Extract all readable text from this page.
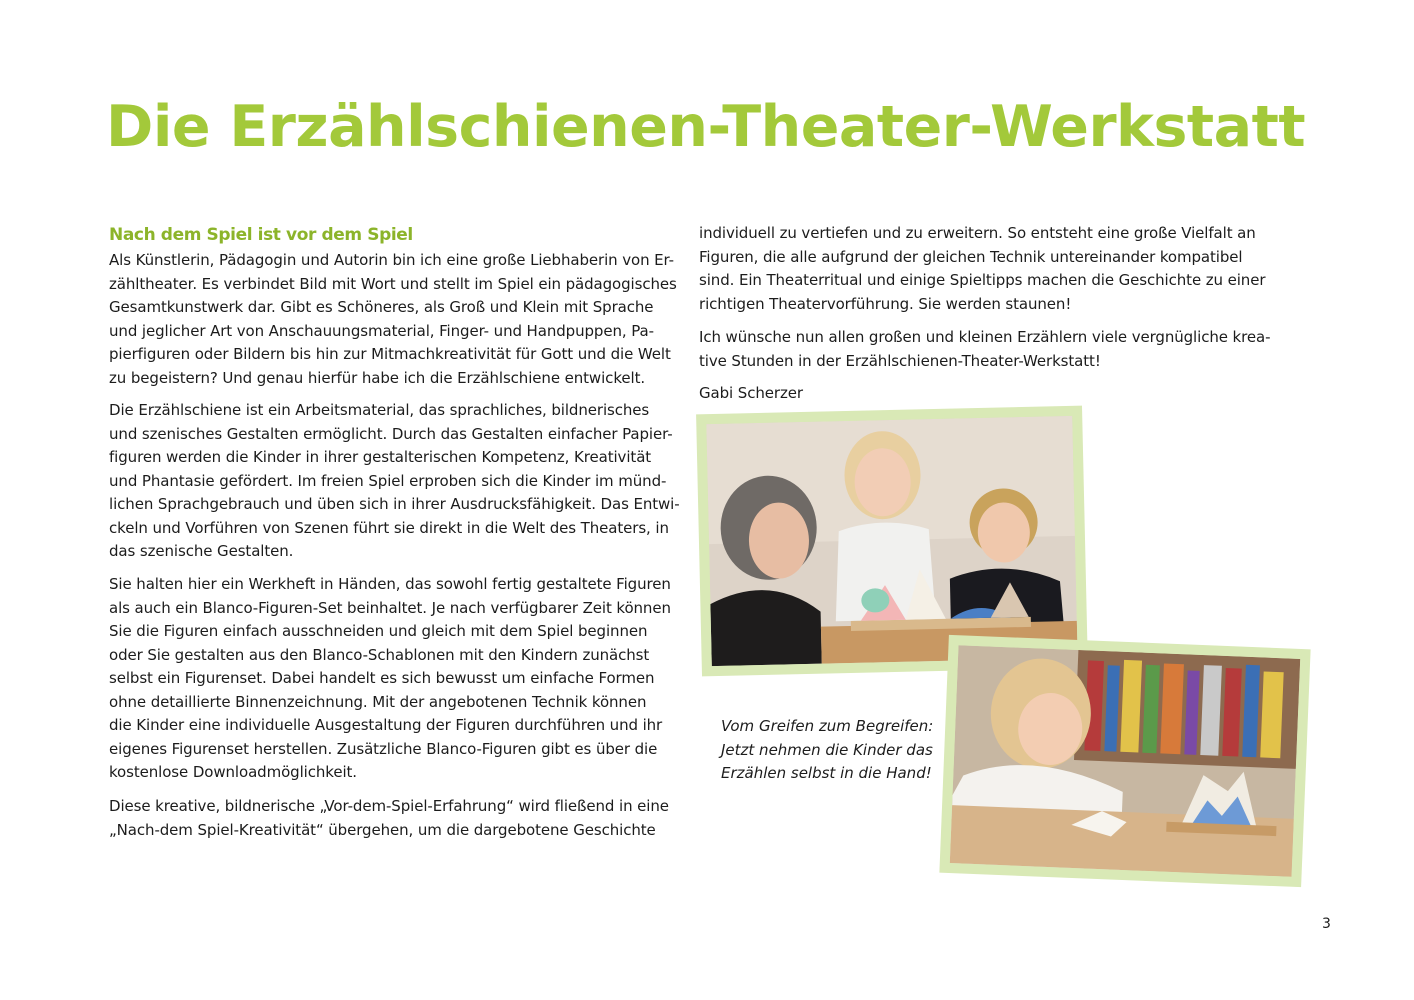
Die Erzählschienen-Theater-Werkstatt
Nach dem Spiel ist vor dem Spiel
Als Künstlerin, Pädagogin und Autorin bin ich eine große Liebhaberin von Er-
zähltheater. Es verbindet Bild mit Wort und stellt im Spiel ein pädagogisches
Gesamtkunstwerk dar. Gibt es Schöneres, als Groß und Klein mit Sprache
und jeglicher Art von Anschauungsmaterial, Finger- und Handpuppen, Pa-
pierfiguren oder Bildern bis hin zur Mitmachkreativität für Gott und die Welt
zu begeistern? Und genau hierfür habe ich die Erzählschiene entwickelt.
Die Erzählschiene ist ein Arbeitsmaterial, das sprachliches, bildnerisches
und szenisches Gestalten ermöglicht. Durch das Gestalten einfacher Papier-
figuren werden die Kinder in ihrer gestalterischen Kompetenz, Kreativität
und Phantasie gefördert. Im freien Spiel erproben sich die Kinder im münd-
lichen Sprachgebrauch und üben sich in ihrer Ausdrucksfähigkeit. Das Entwi-
ckeln und Vorführen von Szenen führt sie direkt in die Welt des Theaters, in
das szenische Gestalten.
Sie halten hier ein Werkheft in Händen, das sowohl fertig gestaltete Figuren
als auch ein Blanco-Figuren-Set beinhaltet. Je nach verfügbarer Zeit können
Sie die Figuren einfach ausschneiden und gleich mit dem Spiel beginnen
oder Sie gestalten aus den Blanco-Schablonen mit den Kindern zunächst
selbst ein Figurenset. Dabei handelt es sich bewusst um einfache Formen
ohne detaillierte Binnenzeichnung. Mit der angebotenen Technik können
die Kinder eine individuelle Ausgestaltung der Figuren durchführen und ihr
eigenes Figurenset herstellen. Zusätzliche Blanco-Figuren gibt es über die
kostenlose Downloadmöglichkeit.
Diese kreative, bildnerische „Vor-dem-Spiel-Erfahrung“ wird fließend in eine
„Nach-dem Spiel-Kreativität“ übergehen, um die dargebotene Geschichte
individuell zu vertiefen und zu erweitern. So entsteht eine große Vielfalt an
Figuren, die alle aufgrund der gleichen Technik untereinander kompatibel
sind. Ein Theaterritual und einige Spieltipps machen die Geschichte zu einer
richtigen Theatervorführung. Sie werden staunen!
Ich wünsche nun allen großen und kleinen Erzählern viele vergnügliche krea-
tive Stunden in der Erzählschienen-Theater-Werkstatt!
Gabi Scherzer
Vom Greifen zum Begreifen:
Jetzt nehmen die Kinder das
Erzählen selbst in die Hand!
3
